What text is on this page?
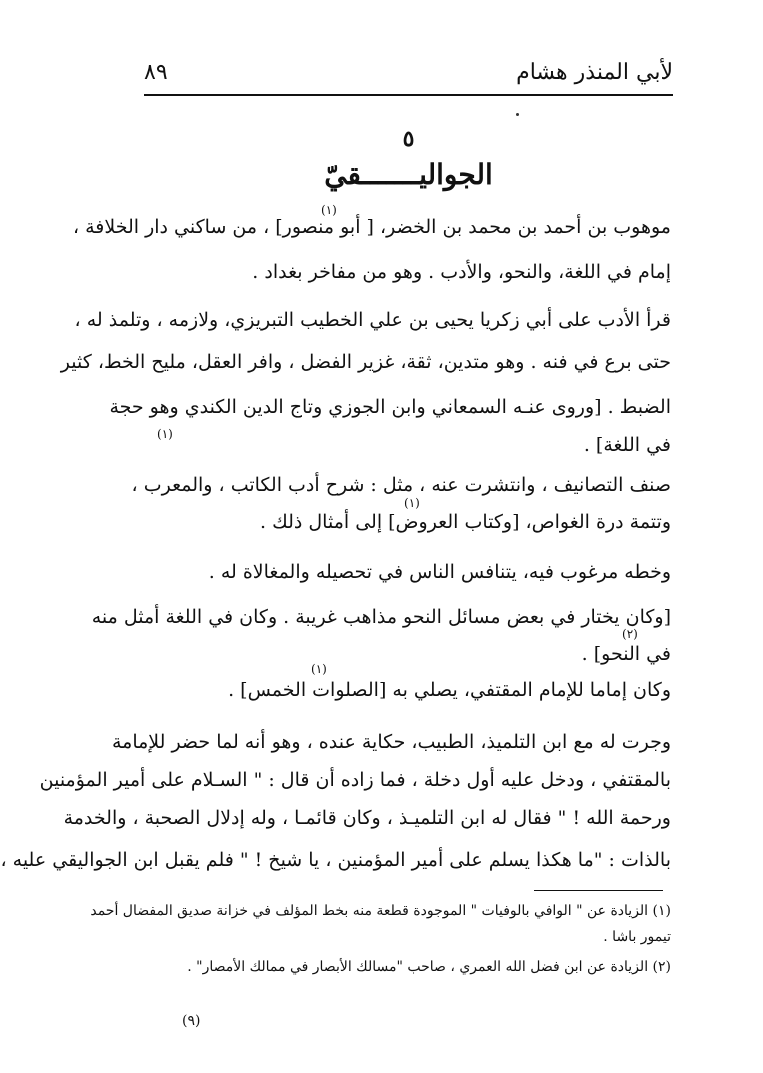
لأبي المنذر هشام
٨٩
٥
الجواليـــــــقيّ
(١)
(١)
(١)
(٢)
(١)
موهوب بن أحمد بن محمد بن الخضر، [ أبو منصور] ، من ساكني دار الخلافة ،
إمام في اللغة، والنحو، والأدب . وهو من مفاخر بغداد .
قرأ الأدب على أبي زكريا يحيى بن علي الخطيب التبريزي، ولازمه ، وتلمذ له ،
حتى برع في فنه . وهو متدين، ثقة، غزير الفضل ، وافر العقل، مليح الخط، كثير
الضبط . [وروى عنـه السمعاني وابن الجوزي وتاج الدين الكندي وهو حجة
في اللغة] .
صنف التصانيف ، وانتشرت عنه ، مثل : شرح أدب الكاتب ، والمعرب ،
وتتمة درة الغواص، [وكتاب العروض] إلى أمثال ذلك .
وخطه مرغوب فيه، يتنافس الناس في تحصيله والمغالاة له .
[وكان يختار في بعض مسائل النحو مذاهب غريبة . وكان في اللغة أمثل منه
في النحو] .
وكان إماما للإمام المقتفي، يصلي به [الصلوات الخمس] .
وجرت له مع ابن التلميذ، الطبيب، حكاية عنده ، وهو أنه لما حضر للإمامة
بالمقتفي ، ودخل عليه أول دخلة ، فما زاده أن قال : " السـلام على أمير المؤمنين
ورحمة الله ! " فقال له ابن التلميـذ ، وكان قائمـا ، وله إدلال الصحبة ، والخدمة
بالذات : "ما هكذا يسلم على أمير المؤمنين ، يا شيخ ! " فلم يقبل ابن الجواليقي عليه ،
(١) الزيادة عن " الوافي بالوفيات " الموجودة قطعة منه بخط المؤلف في خزانة صديق المفضال أحمد
تيمور باشا .
(٢) الزيادة عن ابن فضل الله العمري ، صاحب "مسالك الأبصار في ممالك الأمصار" .
(٩)
